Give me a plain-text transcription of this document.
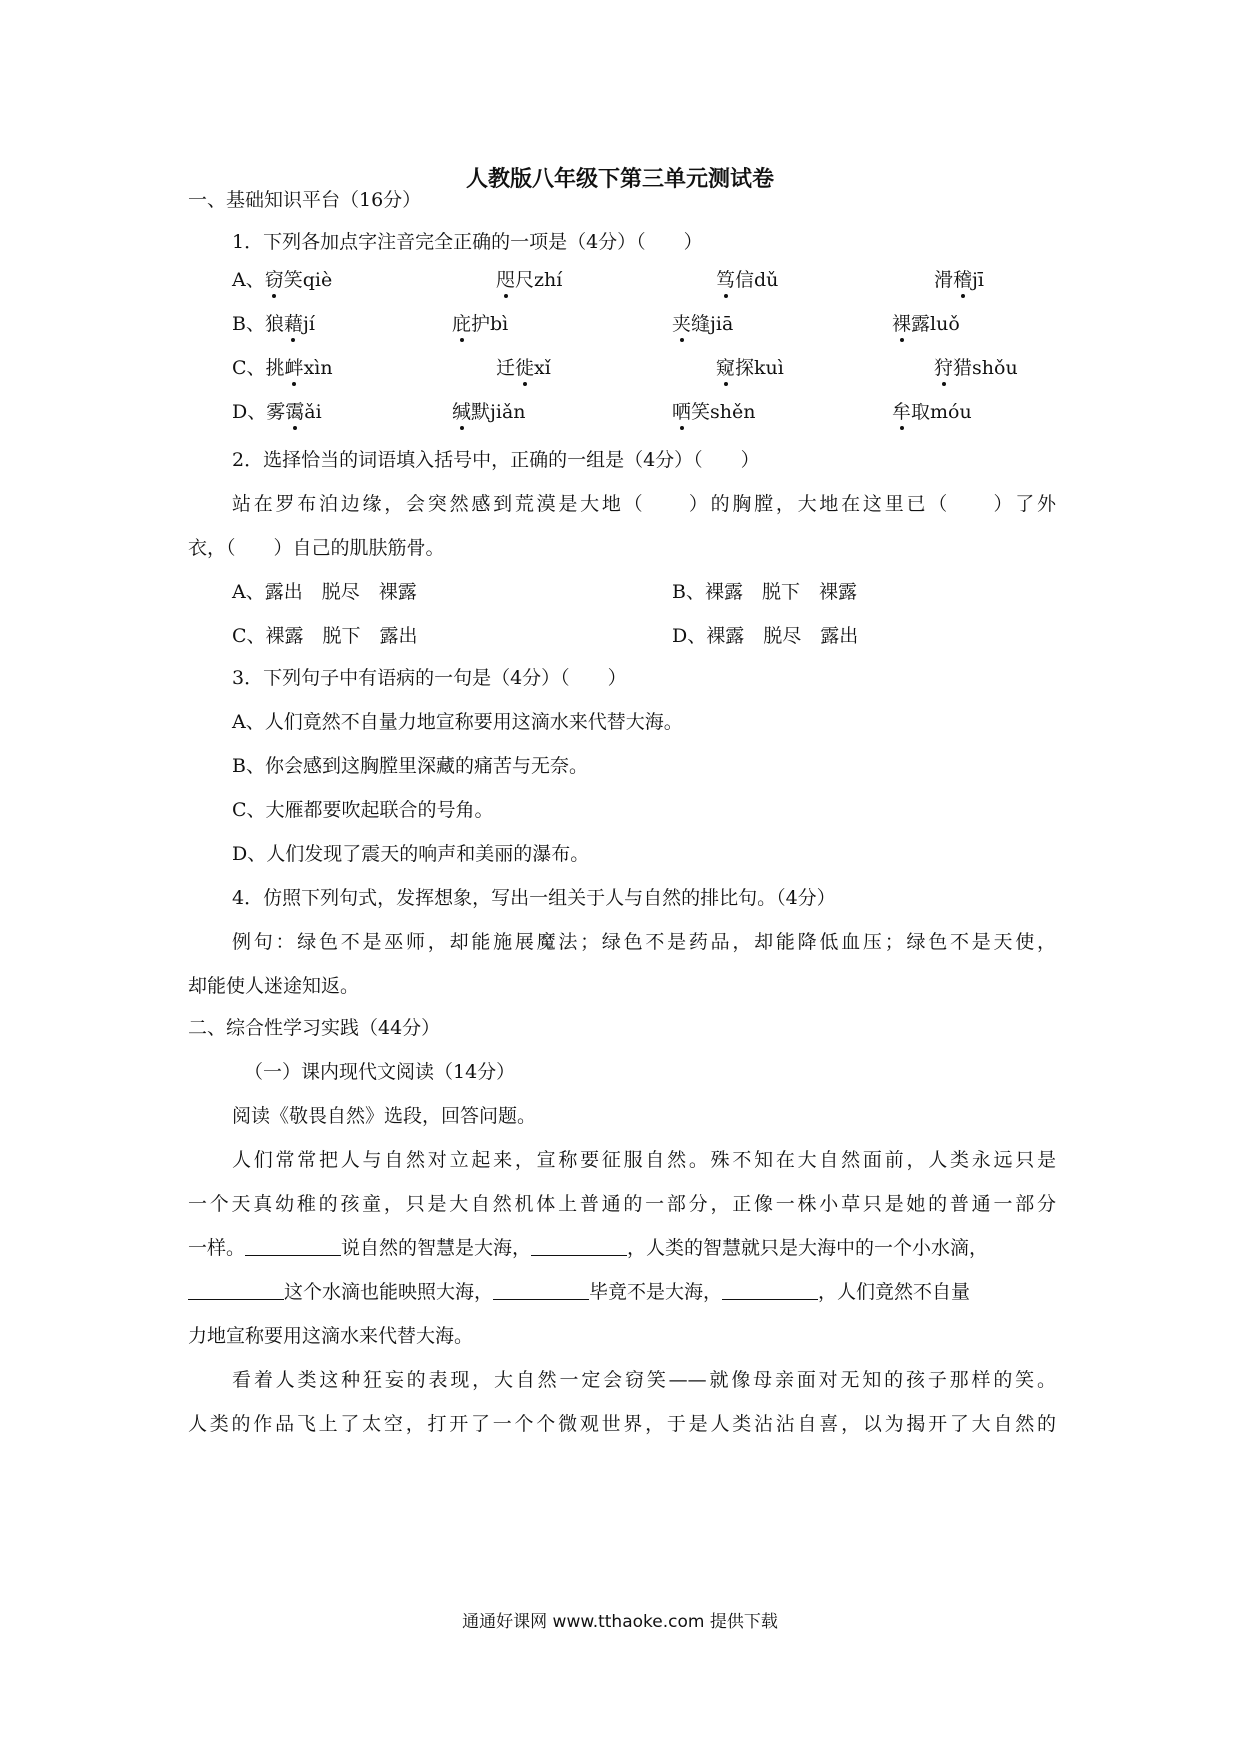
人教版八年级下第三单元测试卷
一、基础知识平台（16分）
1．下列各加点字注音完全正确的一项是（4分）（　　）
A、窃笑qiè	咫尺zhí	笃信dǔ	滑稽jī
B、狼藉jí	庇护bì	夹缝jiā	裸露luǒ
C、挑衅xìn	迁徙xǐ	窥探kuì	狩猎shǒu
D、雾霭ǎi	缄默jiǎn	哂笑shěn	牟取móu
2．选择恰当的词语填入括号中，正确的一组是（4分）（　　）
站在罗布泊边缘，会突然感到荒漠是大地（　　）的胸膛，大地在这里已（　　）了外
衣，（　　）自己的肌肤筋骨。
A、露出　脱尽　裸露	B、裸露　脱下　裸露
C、裸露　脱下　露出	D、裸露　脱尽　露出
3．下列句子中有语病的一句是（4分）（　　）
A、人们竟然不自量力地宣称要用这滴水来代替大海。
B、你会感到这胸膛里深藏的痛苦与无奈。
C、大雁都要吹起联合的号角。
D、人们发现了震天的响声和美丽的瀑布。
4．仿照下列句式，发挥想象，写出一组关于人与自然的排比句。（4分）
例句：绿色不是巫师，却能施展魔法；绿色不是药品，却能降低血压；绿色不是天使，
却能使人迷途知返。
二、综合性学习实践（44分）
（一）课内现代文阅读（14分）
阅读《敬畏自然》选段，回答问题。
人们常常把人与自然对立起来，宣称要征服自然。殊不知在大自然面前，人类永远只是
一个天真幼稚的孩童，只是大自然机体上普通的一部分，正像一株小草只是她的普通一部分
一样。	说自然的智慧是大海，	，人类的智慧就只是大海中的一个小水滴，
这个水滴也能映照大海，	毕竟不是大海，	，人们竟然不自量
力地宣称要用这滴水来代替大海。
看着人类这种狂妄的表现，大自然一定会窃笑——就像母亲面对无知的孩子那样的笑。
人类的作品飞上了太空，打开了一个个微观世界，于是人类沾沾自喜，以为揭开了大自然的
通通好课网 www.tthaoke.com 提供下载
